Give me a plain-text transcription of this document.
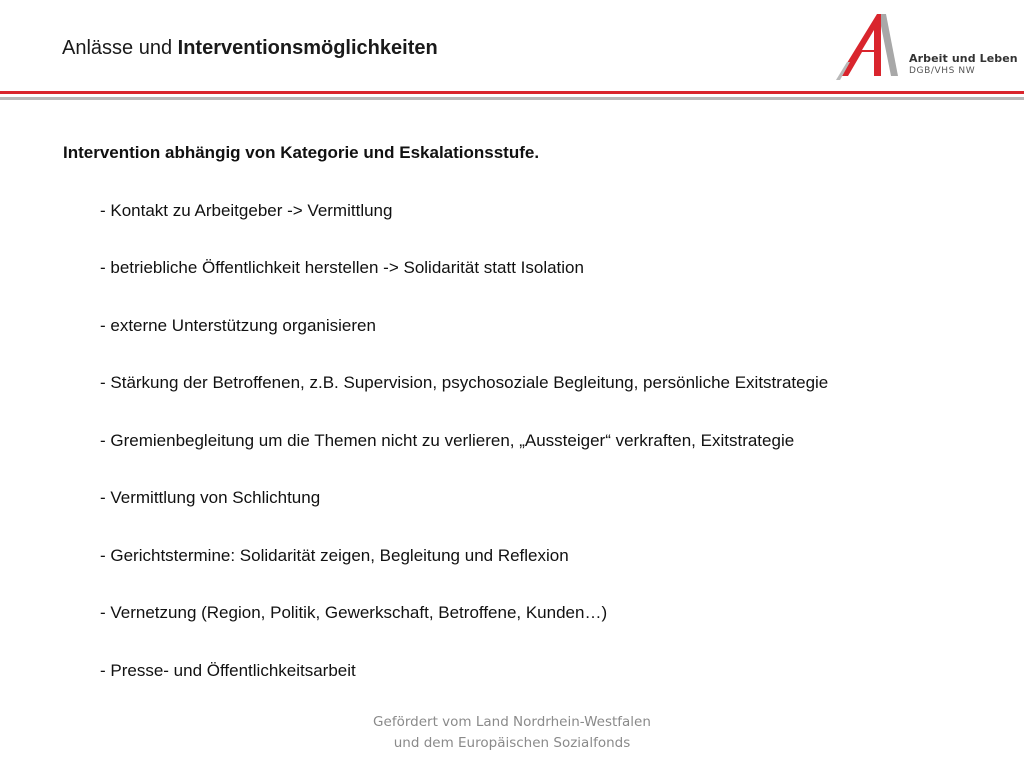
Anlässe und Interventionsmöglichkeiten	Arbeit und Leben
DGB/VHS NW
Intervention abhängig von Kategorie und Eskalationsstufe.
- Kontakt zu Arbeitgeber -> Vermittlung
- betriebliche Öffentlichkeit herstellen -> Solidarität statt Isolation
- externe Unterstützung organisieren
- Stärkung der Betroffenen, z.B. Supervision, psychosoziale Begleitung, persönliche Exitstrategie
- Gremienbegleitung um die Themen nicht zu verlieren, „Aussteiger“ verkraften, Exitstrategie
- Vermittlung von Schlichtung
- Gerichtstermine: Solidarität zeigen, Begleitung und Reflexion
- Vernetzung (Region, Politik, Gewerkschaft, Betroffene, Kunden…)
- Presse- und Öffentlichkeitsarbeit
Gefördert vom Land Nordrhein-Westfalen
und dem Europäischen Sozialfonds
